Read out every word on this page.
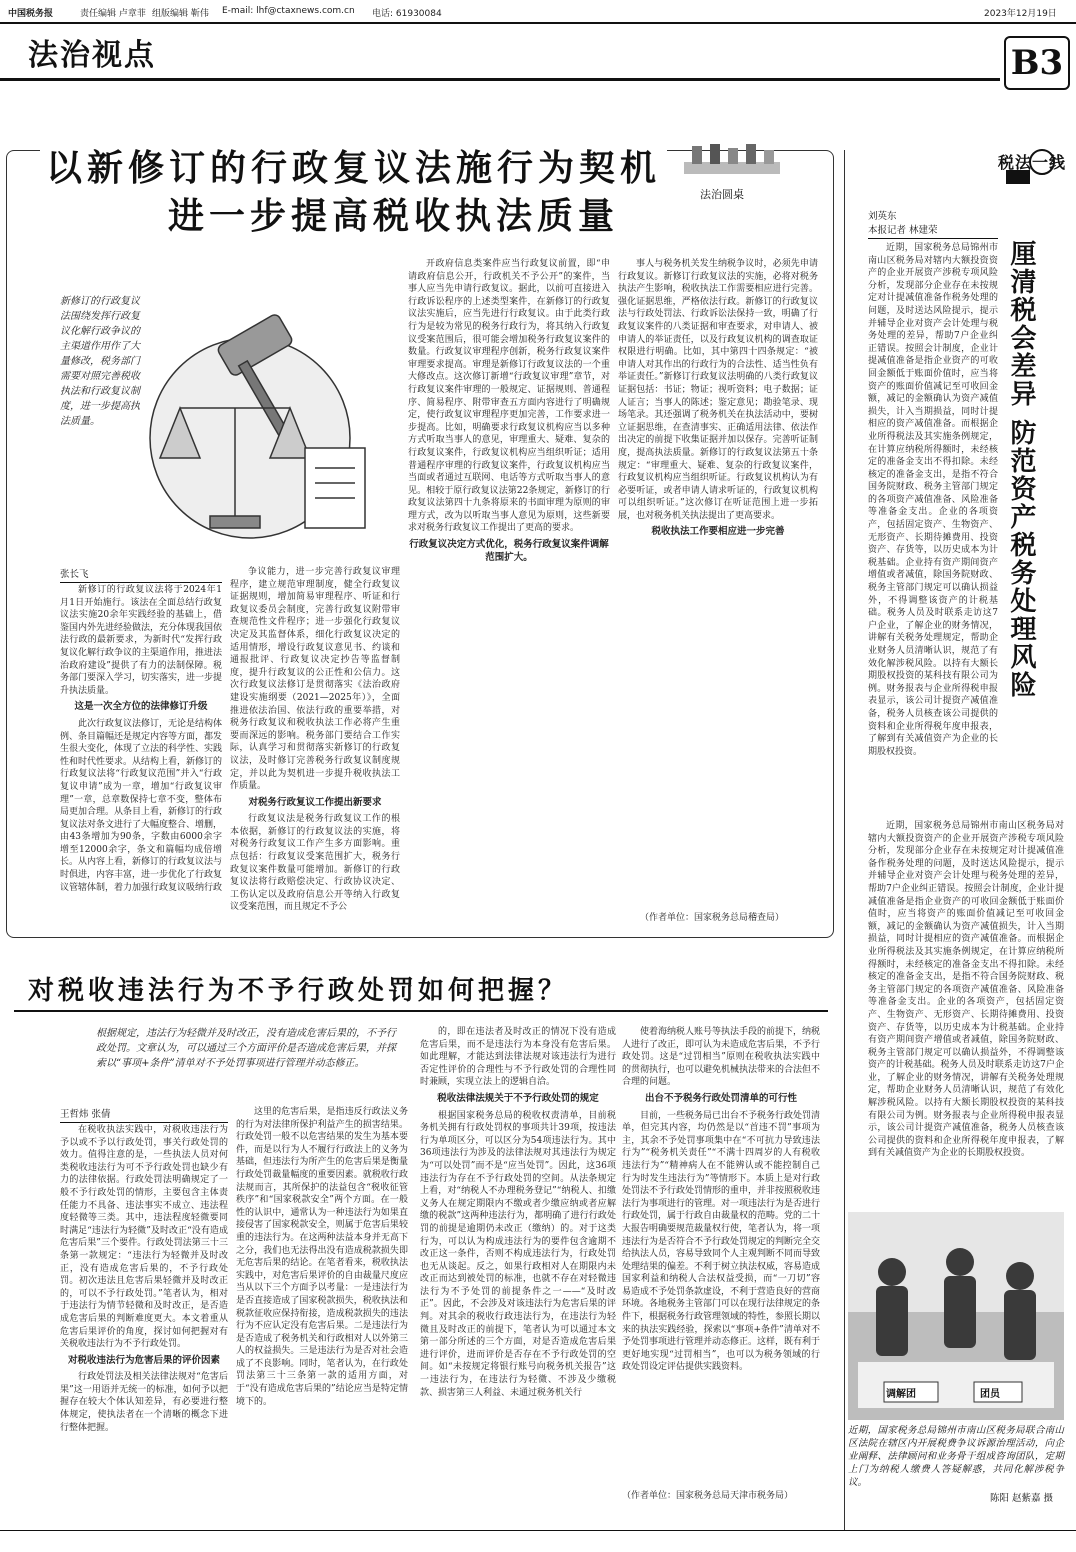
中国税务报	责任编辑 卢章菲 组版编辑 靳伟 E-mail: lhf@ctaxnews.com.cn 电话: 61930084	2023年12月19日
法治视点	B3
以新修订的行政复议法施行为契机
进一步提高税收执法质量
法治圆桌
新修订的行政复议法围绕发挥行政复议化解行政争议的主渠道作用作了大量修改，税务部门需要对照完善税收执法和行政复议制度，进一步提高执法质量。
张长飞

新修订的行政复议法将于2024年1月1日开始施行。该法在全面总结行政复议法实施20余年实践经验的基础上，借鉴国内外先进经验做法，充分体现我国依法行政的最新要求，为新时代“发挥行政复议化解行政争议的主渠道作用，推进法治政府建设”提供了有力的法制保障。税务部门要深入学习，切实落实，进一步提升执法质量。

这是一次全方位的法律修订升级

此次行政复议法修订，无论是结构体例、条目篇幅还是规定内容等方面，都发生很大变化，体现了立法的科学性、实践性和时代性要求。从结构上看，新修订的行政复议法将“行政复议范围”并入“行政复议申请”成为一章，增加“行政复议审理”一章，总章数保持七章不变，整体布局更加合理。从条目上看，新修订的行政复议法对条文进行了大幅度整合、增删，由43条增加为90条，字数由6000余字增至12000余字，条文和篇幅均成倍增长。从内容上看，新修订的行政复议法与时俱进，内容丰富，进一步优化了行政复议管辖体制，着力加强行政复议吸纳行政

争议能力，进一步完善行政复议审理程序，建立规范审理制度，健全行政复议证据规则，增加简易审理程序、听证和行政复议委员会制度，完善行政复议附带审查规范性文件程序；进一步强化行政复议决定及其监督体系，细化行政复议决定的适用情形，增设行政复议意见书、约谈和通报批评、行政复议决定抄告等监督制度，提升行政复议的公正性和公信力。这次行政复议法修订是贯彻落实《法治政府建设实施纲要（2021—2025年）》，全面推进依法治国、依法行政的重要举措，对税务行政复议和税收执法工作必将产生重要而深远的影响。税务部门要结合工作实际，认真学习和贯彻落实新修订的行政复议法，及时修订完善税务行政复议制度规定，并以此为契机进一步提升税收执法工作质量。

对税务行政复议工作提出新要求

行政复议法是税务行政复议工作的根本依据，新修订的行政复议法的实施，将对税务行政复议工作产生多方面影响。重点包括：行政复议受案范围扩大，税务行政复议案件数量可能增加。新修订的行政复议法将行政赔偿决定、行政协议决定、工伤认定以及政府信息公开等纳入行政复议受案范围，而且规定不予公

开政府信息类案件应当行政复议前置，即“申请政府信息公开，行政机关不予公开”的案件，当事人应当先申请行政复议。据此，以前可直接进入行政诉讼程序的上述类型案件，在新修订的行政复议法实施后，应当先进行行政复议。由于此类行政行为是较为常见的税务行政行为，将其纳入行政复议受案范围后，很可能会增加税务行政复议案件的数量。行政复议审理程序创新，税务行政复议案件审理要求提高。审理是新修订行政复议法的一个重大修改点。这次修订新增“行政复议审理”章节，对行政复议案件审理的一般规定、证据规则、普通程序、简易程序、附带审查五方面内容进行了明确规定，使行政复议审理程序更加完善，工作要求进一步提高。比如，明确要求行政复议机构应当以多种方式听取当事人的意见，审理重大、疑难、复杂的行政复议案件，行政复议机构应当组织听证；适用普通程序审理的行政复议案件，行政复议机构应当当面或者通过互联网、电话等方式听取当事人的意见。相较于原行政复议法第22条规定，新修订的行政复议法第四十九条将原来的书面审理为原则的审理方式，改为以听取当事人意见为原则，这些新要求对税务行政复议工作提出了更高的要求。

行政复议决定方式优化，税务行政复议案件调解范围扩大。

事人与税务机关发生纳税争议时，必须先申请行政复议。新修订行政复议法的实施，必将对税务执法产生影响，税收执法工作需要相应进行完善。强化证据思维，严格依法行政。新修订的行政复议法与行政处罚法、行政诉讼法保持一致，明确了行政复议案件的八类证据和审查要求，对申请人、被申请人的举证责任，以及行政复议机构的调查取证权限进行明确。比如，其中第四十四条规定：“被申请人对其作出的行政行为的合法性、适当性负有举证责任。”新修订行政复议法明确的八类行政复议证据包括：书证；物证；视听资料；电子数据；证人证言；当事人的陈述；鉴定意见；勘验笔录、现场笔录。其还强调了税务机关在执法活动中，要树立证据思维，在查清事实、正确适用法律、依法作出决定的前提下收集证据并加以保存。完善听证制度，提高执法质量。新修订的行政复议法第五十条规定：“审理重大、疑难、复杂的行政复议案件，行政复议机构应当组织听证。行政复议机构认为有必要听证，或者申请人请求听证的，行政复议机构可以组织听证。”这次修订在听证范围上进一步拓展，也对税务机关执法提出了更高要求。

税收执法工作要相应进一步完善
（作者单位：国家税务总局稽查局）
税法一线
刘英东
本报记者 林建荣
厘清税会差异 防范资产税务处理风险

近期，国家税务总局锦州市南山区税务局对辖内大额投资资产的企业开展资产涉税专项风险分析，发现部分企业存在未按规定对计提减值准备作税务处理的问题，及时送达风险提示，提示并辅导企业对资产会计处理与税务处理的差异，帮助7户企业纠正错误。按照会计制度，企业计提减值准备是指企业资产的可收回金额低于账面价值时，应当将资产的账面价值减记至可收回金额，减记的金额确认为资产减值损失，计入当期损益，同时计提相应的资产减值准备。而根据企业所得税法及其实施条例规定，在计算应纳税所得额时，未经核定的准备金支出不得扣除。未经核定的准备金支出，是指不符合国务院财政、税务主管部门规定的各项资产减值准备、风险准备等准备金支出。企业的各项资产，包括固定资产、生物资产、无形资产、长期待摊费用、投资资产、存货等，以历史成本为计税基础。企业持有资产期间资产增值或者减值，除国务院财政、税务主管部门规定可以确认损益外，不得调整该资产的计税基础。税务人员及时联系走访这7户企业，了解企业的财务情况，讲解有关税务处理规定，帮助企业财务人员清晰认识，规范了有效化解涉税风险。以持有大额长期股权投资的某科技有限公司为例。财务报表与企业所得税申报表显示，该公司计提资产减值准备，税务人员核查该公司提供的资料和企业所得税年度申报表，了解到有关减值资产为企业的长期股权投资。

近期，国家税务总局锦州市南山区税务局对辖内大额投资资产的企业开展资产涉税专项风险分析，发现部分企业存在未按规定对计提减值准备作税务处理的问题，及时送达风险提示，提示并辅导企业对资产会计处理与税务处理的差异，帮助7户企业纠正错误。按照会计制度，企业计提减值准备是指企业资产的可收回金额低于账面价值时，应当将资产的账面价值减记至可收回金额，减记的金额确认为资产减值损失，计入当期损益，同时计提相应的资产减值准备。而根据企业所得税法及其实施条例规定，在计算应纳税所得额时，未经核定的准备金支出不得扣除。未经核定的准备金支出，是指不符合国务院财政、税务主管部门规定的各项资产减值准备、风险准备等准备金支出。企业的各项资产，包括固定资产、生物资产、无形资产、长期待摊费用、投资资产、存货等，以历史成本为计税基础。企业持有资产期间资产增值或者减值，除国务院财政、税务主管部门规定可以确认损益外，不得调整该资产的计税基础。税务人员及时联系走访这7户企业，了解企业的财务情况，讲解有关税务处理规定，帮助企业财务人员清晰认识，规范了有效化解涉税风险。以持有大额长期股权投资的某科技有限公司为例。财务报表与企业所得税申报表显示，该公司计提资产减值准备，税务人员核查该公司提供的资料和企业所得税年度申报表，了解到有关减值资产为企业的长期股权投资。

调解团	团员
近期，国家税务总局锦州市南山区税务局联合南山区法院在辖区内开展税费争议诉源治理活动，向企业阐释、法律顾问和业务骨干组成咨询团队，定期上门为纳税人缴费人答疑解惑，共同化解涉税争议。
陈阳 赵紫嘉 摄
对税收违法行为不予行政处罚如何把握？
根据规定，违法行为轻微并及时改正，没有造成危害后果的，不予行政处罚。文章认为，可以通过三个方面评价是否造成危害后果，并探索以“事项+条件”清单对不予处罚事项进行管理并动态修正。
王哲炜 张倩

在税收执法实践中，对税收违法行为予以或不予以行政处罚，事关行政处罚的效力。值得注意的是，一些执法人员对何类税收违法行为可不予行政处罚也缺少有力的法律依据。行政处罚法明确规定了一般不予行政处罚的情形，主要包含主体责任能力不具备、违法事实不成立、违法程度轻微等三类。其中，违法程度轻微要同时满足“违法行为轻微”及时改正“没有造成危害后果”三个要件。行政处罚法第三十三条第一款规定：“违法行为轻微并及时改正，没有造成危害后果的，不予行政处罚。初次违法且危害后果轻微并及时改正的，可以不予行政处罚。”笔者认为，相对于违法行为情节轻微和及时改正，是否造成危害后果的判断难度更大。本文着重从危害后果评价的角度，探讨如何把握对有关税收违法行为不予行政处罚。

对税收违法行为危害后果的评价因素

行政处罚法及相关法律法规对“危害后果”这一用语并无统一的标准，如何予以把握存在较大个体认知差异，有必要进行整体规定，使执法者在一个清晰的概念下进行整体把握。

这里的危害后果，是指违反行政法义务的行为对法律所保护利益产生的损害结果。行政处罚一般不以危害结果的发生为基本要件，而是以行为人不履行行政法上的义务为基础，但违法行为所产生的危害后果是衡量行政处罚裁量幅度的重要因素。就税收行政法规而言，其所保护的法益包含“税收征管秩序”和“国家税款安全”两个方面。在一般性的认识中，通常认为一种违法行为如果直接侵害了国家税款安全，则属于危害后果较重的违法行为。在这两种法益本身并无高下之分，我们也无法得出没有造成税款损失即无危害后果的结论。在笔者看来，税收执法实践中，对危害后果评价的自由裁量尺度应当从以下三个方面予以考量：一是违法行为是否直接造成了国家税款损失，税收执法和税款征收应保持衔接，造成税款损失的违法行为不应认定没有危害后果。二是违法行为是否造成了税务机关和行政相对人以外第三人的权益损失。三是违法行为是否对社会造成了不良影响。同时，笔者认为，在行政处罚法第三十三条第一款的适用方面，对于“没有造成危害后果的”结论应当是特定情境下的。

的，即在违法者及时改正的情况下没有造成危害后果，而不是违法行为本身没有危害后果。如此理解，才能达到法律法规对该违法行为进行否定性评价的合理性与不予行政处罚的合理性同时兼顾，实现立法上的逻辑自洽。

税收法律法规关于不予行政处罚的规定

根据国家税务总局的税收权责清单，目前税务机关拥有行政处罚权的事项共计39项，按违法行为单项区分，可以区分为54项违法行为。其中36项违法行为涉及的法律法规对其违法行为规定为“可以处罚”而不是“应当处罚”。因此，这36项违法行为存在不予行政处罚的空间。从法条规定上看，对“纳税人不办理税务登记”“纳税人、扣缴义务人在规定期限内不缴或者少缴应纳或者应解缴的税款”这两种违法行为，都明确了进行行政处罚的前提是逾期仍未改正（缴纳）的。对于这类行为，可以认为构成违法行为的要件包含逾期不改正这一条件，否则不构成违法行为，行政处罚也无从谈起。反之，如果行政相对人在期限内未改正而达到被处罚的标准，也就不存在对轻微违法行为不予处罚的前提条件之一——“及时改正”。因此，不会涉及对该违法行为危害后果的评判。对其余的税收行政违法行为，在违法行为轻微且及时改正的前提下，笔者认为可以通过本文第一部分所述的三个方面，对是否造成危害后果进行评价，进而评价是否存在不予行政处罚的空间。如“未按规定将银行账号向税务机关报告”这一违法行为，在违法行为轻微、不涉及少缴税款、损害第三人利益、未通过税务机关行

使着海纳税人账号等执法手段的前提下，纳税人进行了改正，即可认为未造成危害后果，不予行政处罚。这是“过罚相当”原则在税收执法实践中的贯彻执行，也可以避免机械执法带来的合法但不合理的问题。

出台不予税务行政处罚清单的可行性

目前，一些税务局已出台不予税务行政处罚清单，但完其内容，均仍然是以“首违不罚”事项为主，其余不予处罚事项集中在“不可抗力导致违法行为”“税务机关责任”“不满十四周岁的人有税收违法行为”“精神病人在不能辨认或不能控制自己行为时发生违法行为”等情形下。本质上是对行政处罚法不予行政处罚情形的重申，并非按照税收违法行为事项进行的管理。对一项违法行为是否进行行政处罚，属于行政自由裁量权的范畴。党的二十大报告明确要规范裁量权行使，笔者认为，将一项违法行为是否符合不予行政处罚规定的判断完全交给执法人员，容易导致同个人主观判断不同而导致处理结果的偏差。不利于树立执法权威，容易造成国家利益和纳税人合法权益受损，而“一刀切”容易造成不予处罚条款虚设，不利于营造良好的营商环境。各地税务主管部门可以在现行法律规定的条件下，根据税务行政管理领域的特性，参照长期以来的执法实践经验，探索以“事项+条件”清单对不予处罚事项进行管理并动态修正。这样，既有利于更好地实现“过罚相当”，也可以为税务领域的行政处罚设定评估提供实践资料。

（作者单位：国家税务总局天津市税务局）
